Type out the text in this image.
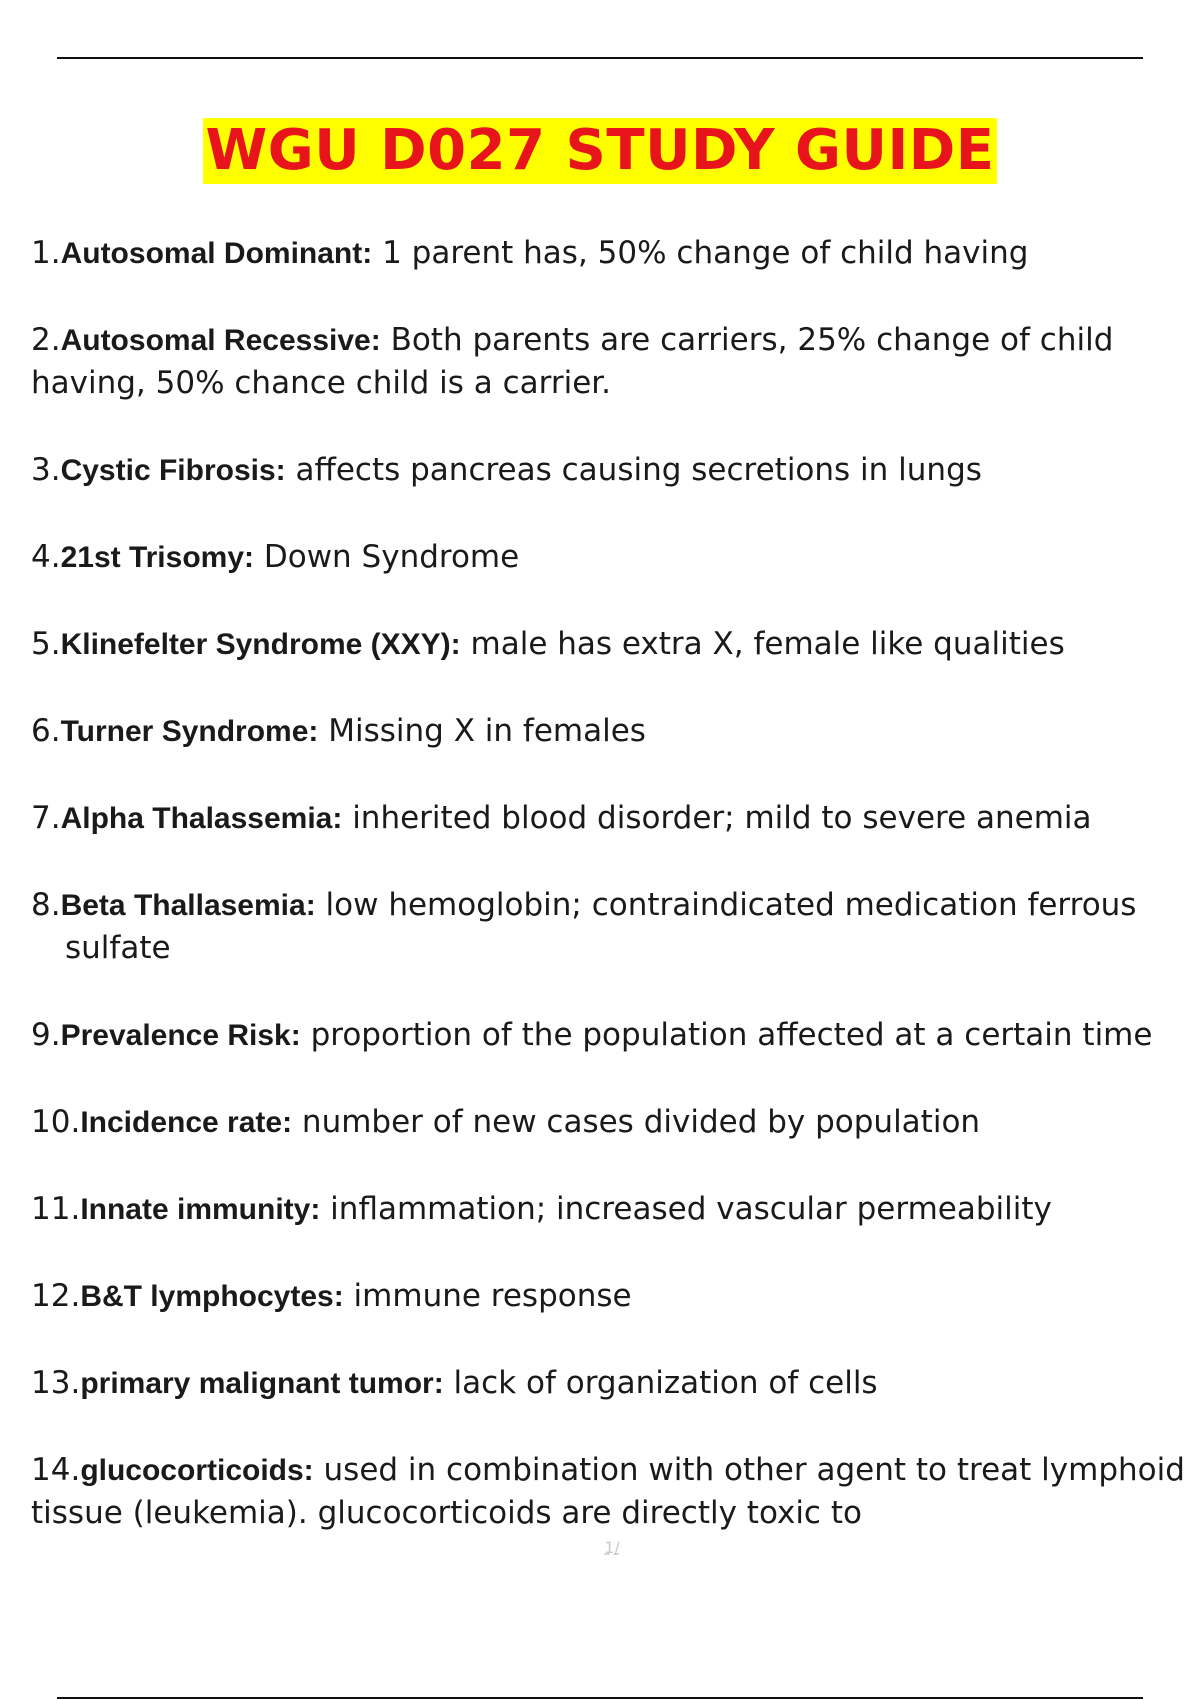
WGU D027 STUDY GUIDE
1.Autosomal Dominant: 1 parent has, 50% change of child having
2.Autosomal Recessive: Both parents are carriers, 25% change of child having, 50% chance child is a carrier.
3.Cystic Fibrosis: affects pancreas causing secretions in lungs
4.21st Trisomy: Down Syndrome
5.Klinefelter Syndrome (XXY): male has extra X, female like qualities
6.Turner Syndrome: Missing X in females
7.Alpha Thalassemia: inherited blood disorder; mild to severe anemia
8.Beta Thallasemia: low hemoglobin; contraindicated medication ferrous sulfate
9.Prevalence Risk: proportion of the population affected at a certain time
10.Incidence rate: number of new cases divided by population
11.Innate immunity: inflammation; increased vascular permeability
12.B&T lymphocytes: immune response
13.primary malignant tumor: lack of organization of cells
14.glucocorticoids: used in combination with other agent to treat lymphoid tissue (leukemia). glucocorticoids are directly toxic to
1/
